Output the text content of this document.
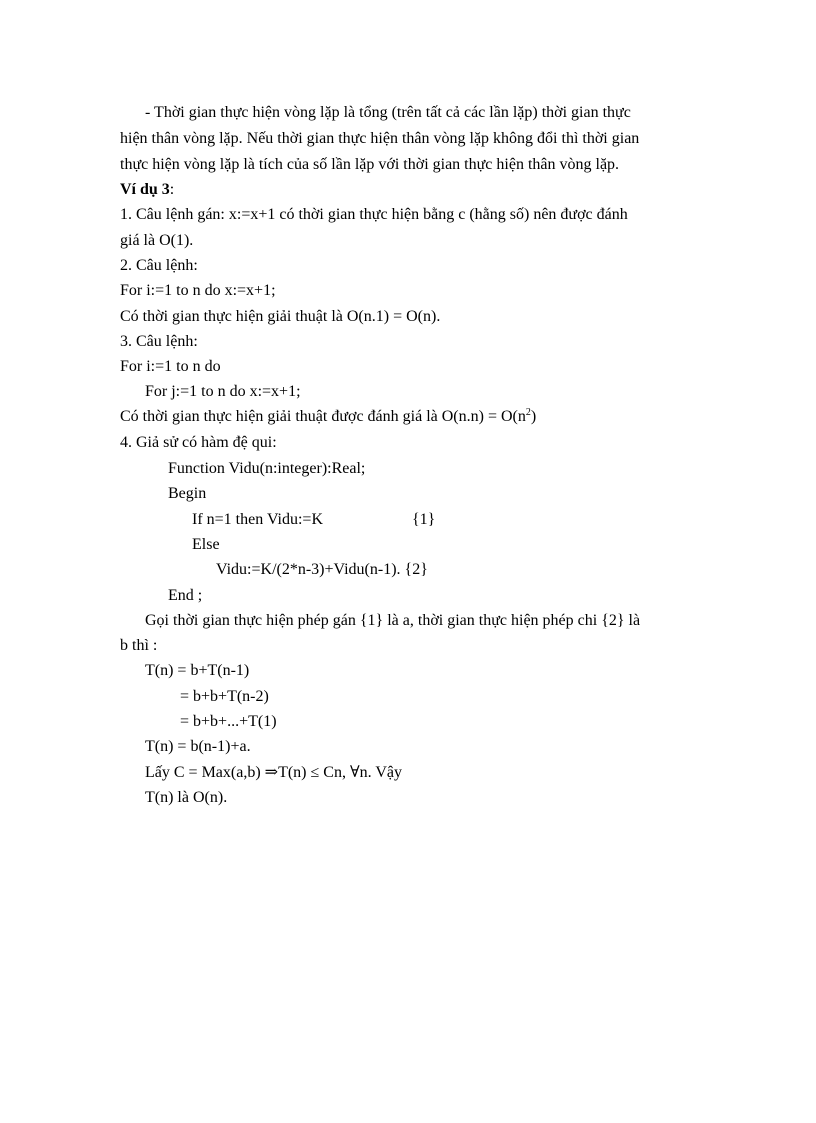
- Thời gian thực hiện vòng lặp là tổng (trên tất cả các lần lặp) thời gian thực
hiện thân vòng lặp. Nếu thời gian thực hiện thân vòng lặp không đổi thì thời gian
thực hiện vòng lặp là tích của số lần lặp với thời gian thực hiện thân vòng lặp.
Ví dụ 3:
1. Câu lệnh gán: x:=x+1 có thời gian thực hiện bằng c (hằng số) nên được đánh
giá là O(1).
2. Câu lệnh:
For i:=1 to n do x:=x+1;
Có thời gian thực hiện giải thuật là O(n.1) = O(n).
3. Câu lệnh:
For i:=1 to n do
For j:=1 to n do x:=x+1;
Có thời gian thực hiện giải thuật được đánh giá là $O(n.n) = O(n^2)$
4. Giả sử có hàm đệ qui:
Function Vidu(n:integer):Real;
Begin
If n=1 then Vidu:=K	{1}
Else
Vidu:=K/(2*n-3)+Vidu(n-1). {2}
End ;
Gọi thời gian thực hiện phép gán {1} là a, thời gian thực hiện phép chi {2} là
b thì :
T(n) = b+T(n-1)
= b+b+T(n-2)
= b+b+...+T(1)
T(n) = b(n-1)+a.
Lấy C = Max(a,b) ⇒T(n) ≤ Cn, ∀n. Vậy
T(n) là O(n).
